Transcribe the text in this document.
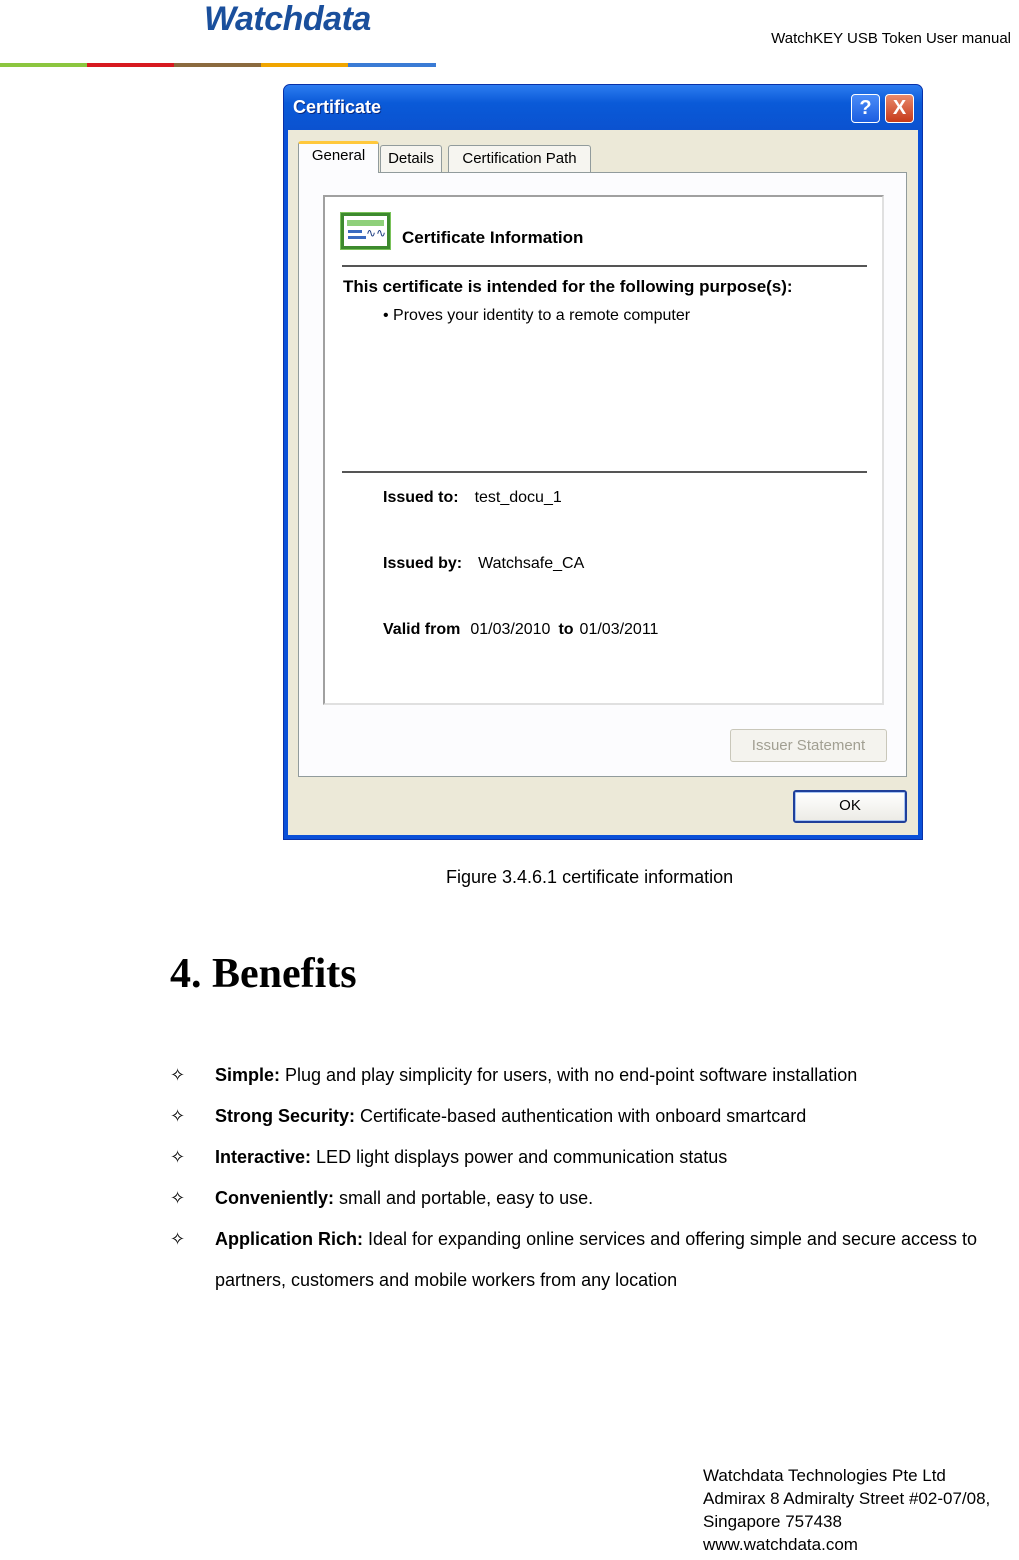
Watchdata
WatchKEY USB Token User manual
Certificate	?	X
General	Details	Certification Path
∿∿ Certificate Information
This certificate is intended for the following purpose(s):
• Proves your identity to a remote computer
Issued to: test_docu_1
Issued by: Watchsafe_CA
Valid from 01/03/2010 to 01/03/2011
Issuer Statement
OK
Figure 3.4.6.1 certificate information
4. Benefits
✧ Simple: Plug and play simplicity for users, with no end-point software installation
✧ Strong Security: Certificate-based authentication with onboard smartcard
✧ Interactive: LED light displays power and communication status
✧ Conveniently: small and portable, easy to use.
✧ Application Rich: Ideal for expanding online services and offering simple and secure access to partners, customers and mobile workers from any location
Watchdata Technologies Pte Ltd
Admirax 8 Admiralty Street #02-07/08,
Singapore 757438
www.watchdata.com
